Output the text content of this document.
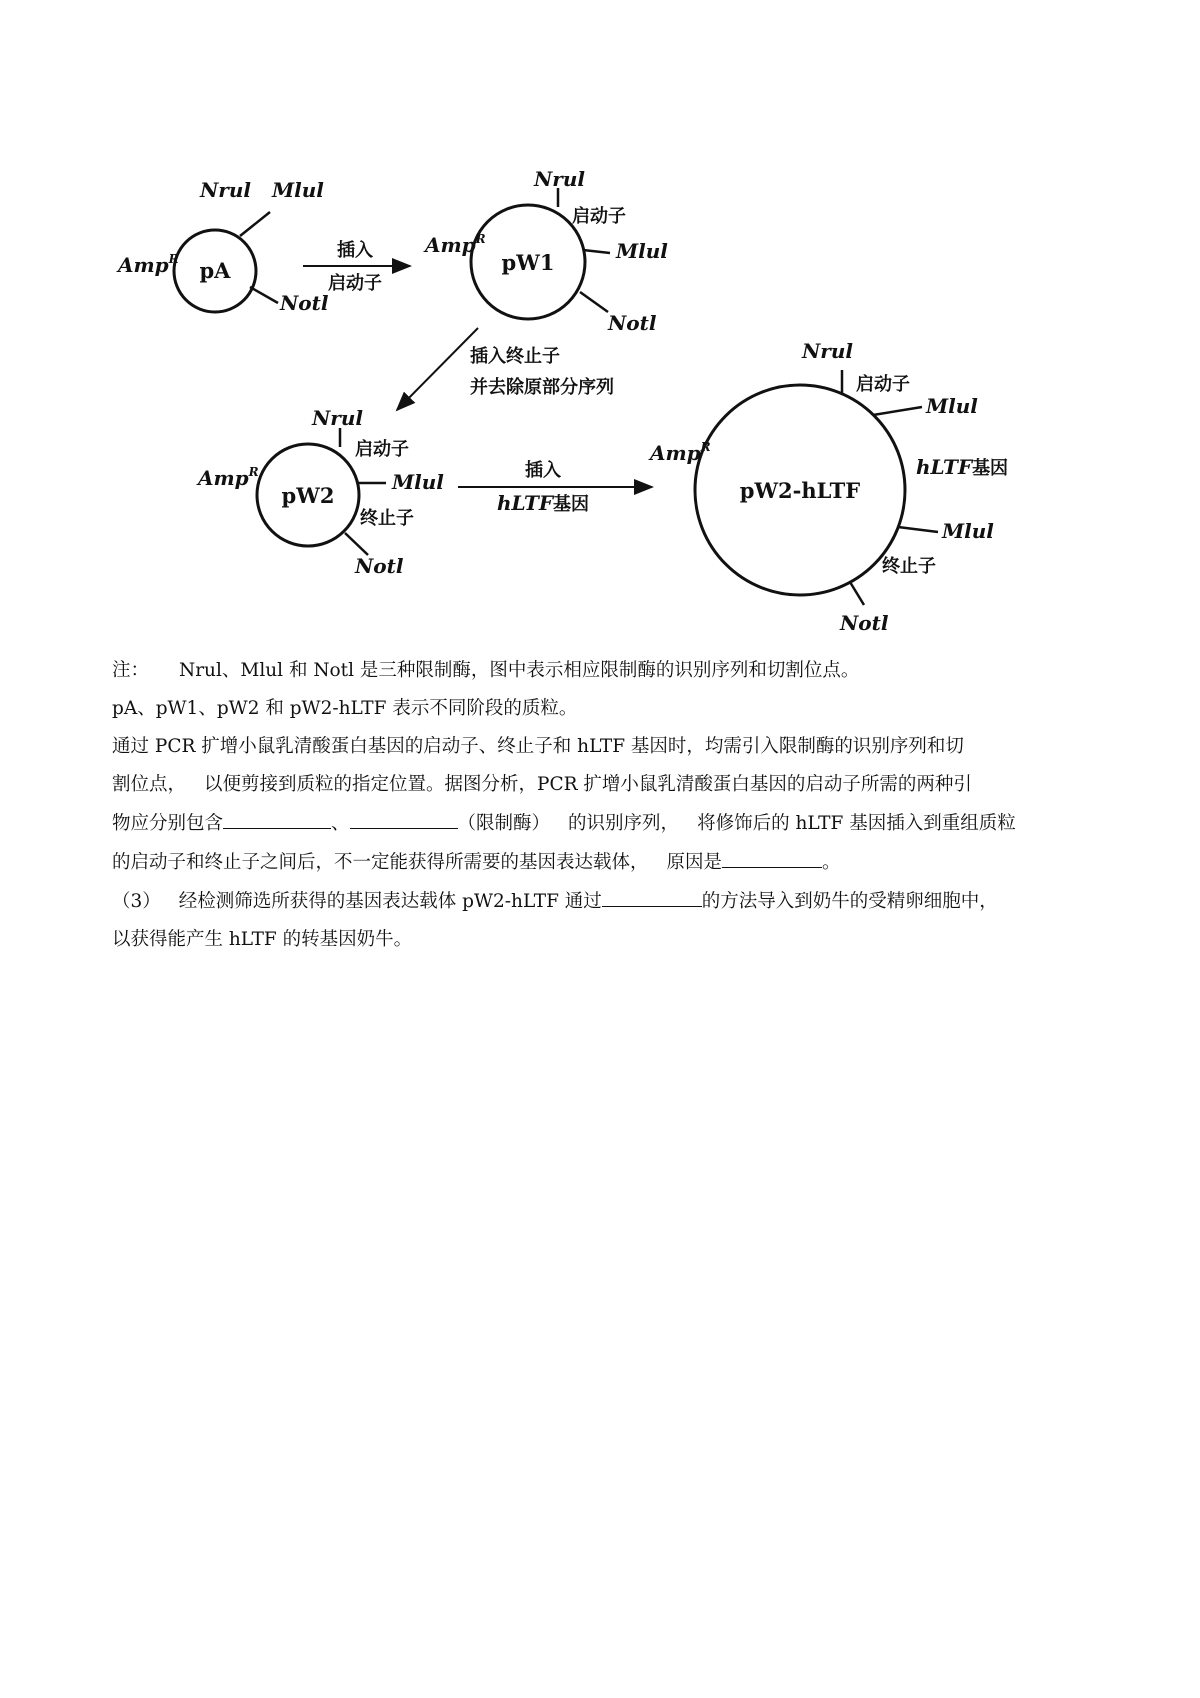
pA
Nrul Mlul
Notl
Amp$^R$	插入
启动子
pW1
Nrul
启动子
Mlul
Notl
Amp$^R$
插入终止子
并去除原部分序列
pW2
Nrul
启动子
Mlul
终止子
Notl
Amp$^R$	插入
hLTF基因
pW2-hLTF
Nrul
启动子
Mlul
hLTF基因
Mlul
终止子
Notl
Amp$^R$

注： Nrul、Mlul 和 Notl 是三种限制酶，图中表示相应限制酶的识别序列和切割位点。

pA、pW1、pW2 和 pW2-hLTF 表示不同阶段的质粒。

通过 PCR 扩增小鼠乳清酸蛋白基因的启动子、终止子和 hLTF 基因时，均需引入限制酶的识别序列和切

割位点， 以便剪接到质粒的指定位置。据图分析，PCR 扩增小鼠乳清酸蛋白基因的启动子所需的两种引

物应分别包含	、	（限制酶） 的识别序列， 将修饰后的 hLTF 基因插入到重组质粒

的启动子和终止子之间后，不一定能获得所需要的基因表达载体， 原因是	。

（3） 经检测筛选所获得的基因表达载体 pW2-hLTF 通过	的方法导入到奶牛的受精卵细胞中，

以获得能产生 hLTF 的转基因奶牛。
